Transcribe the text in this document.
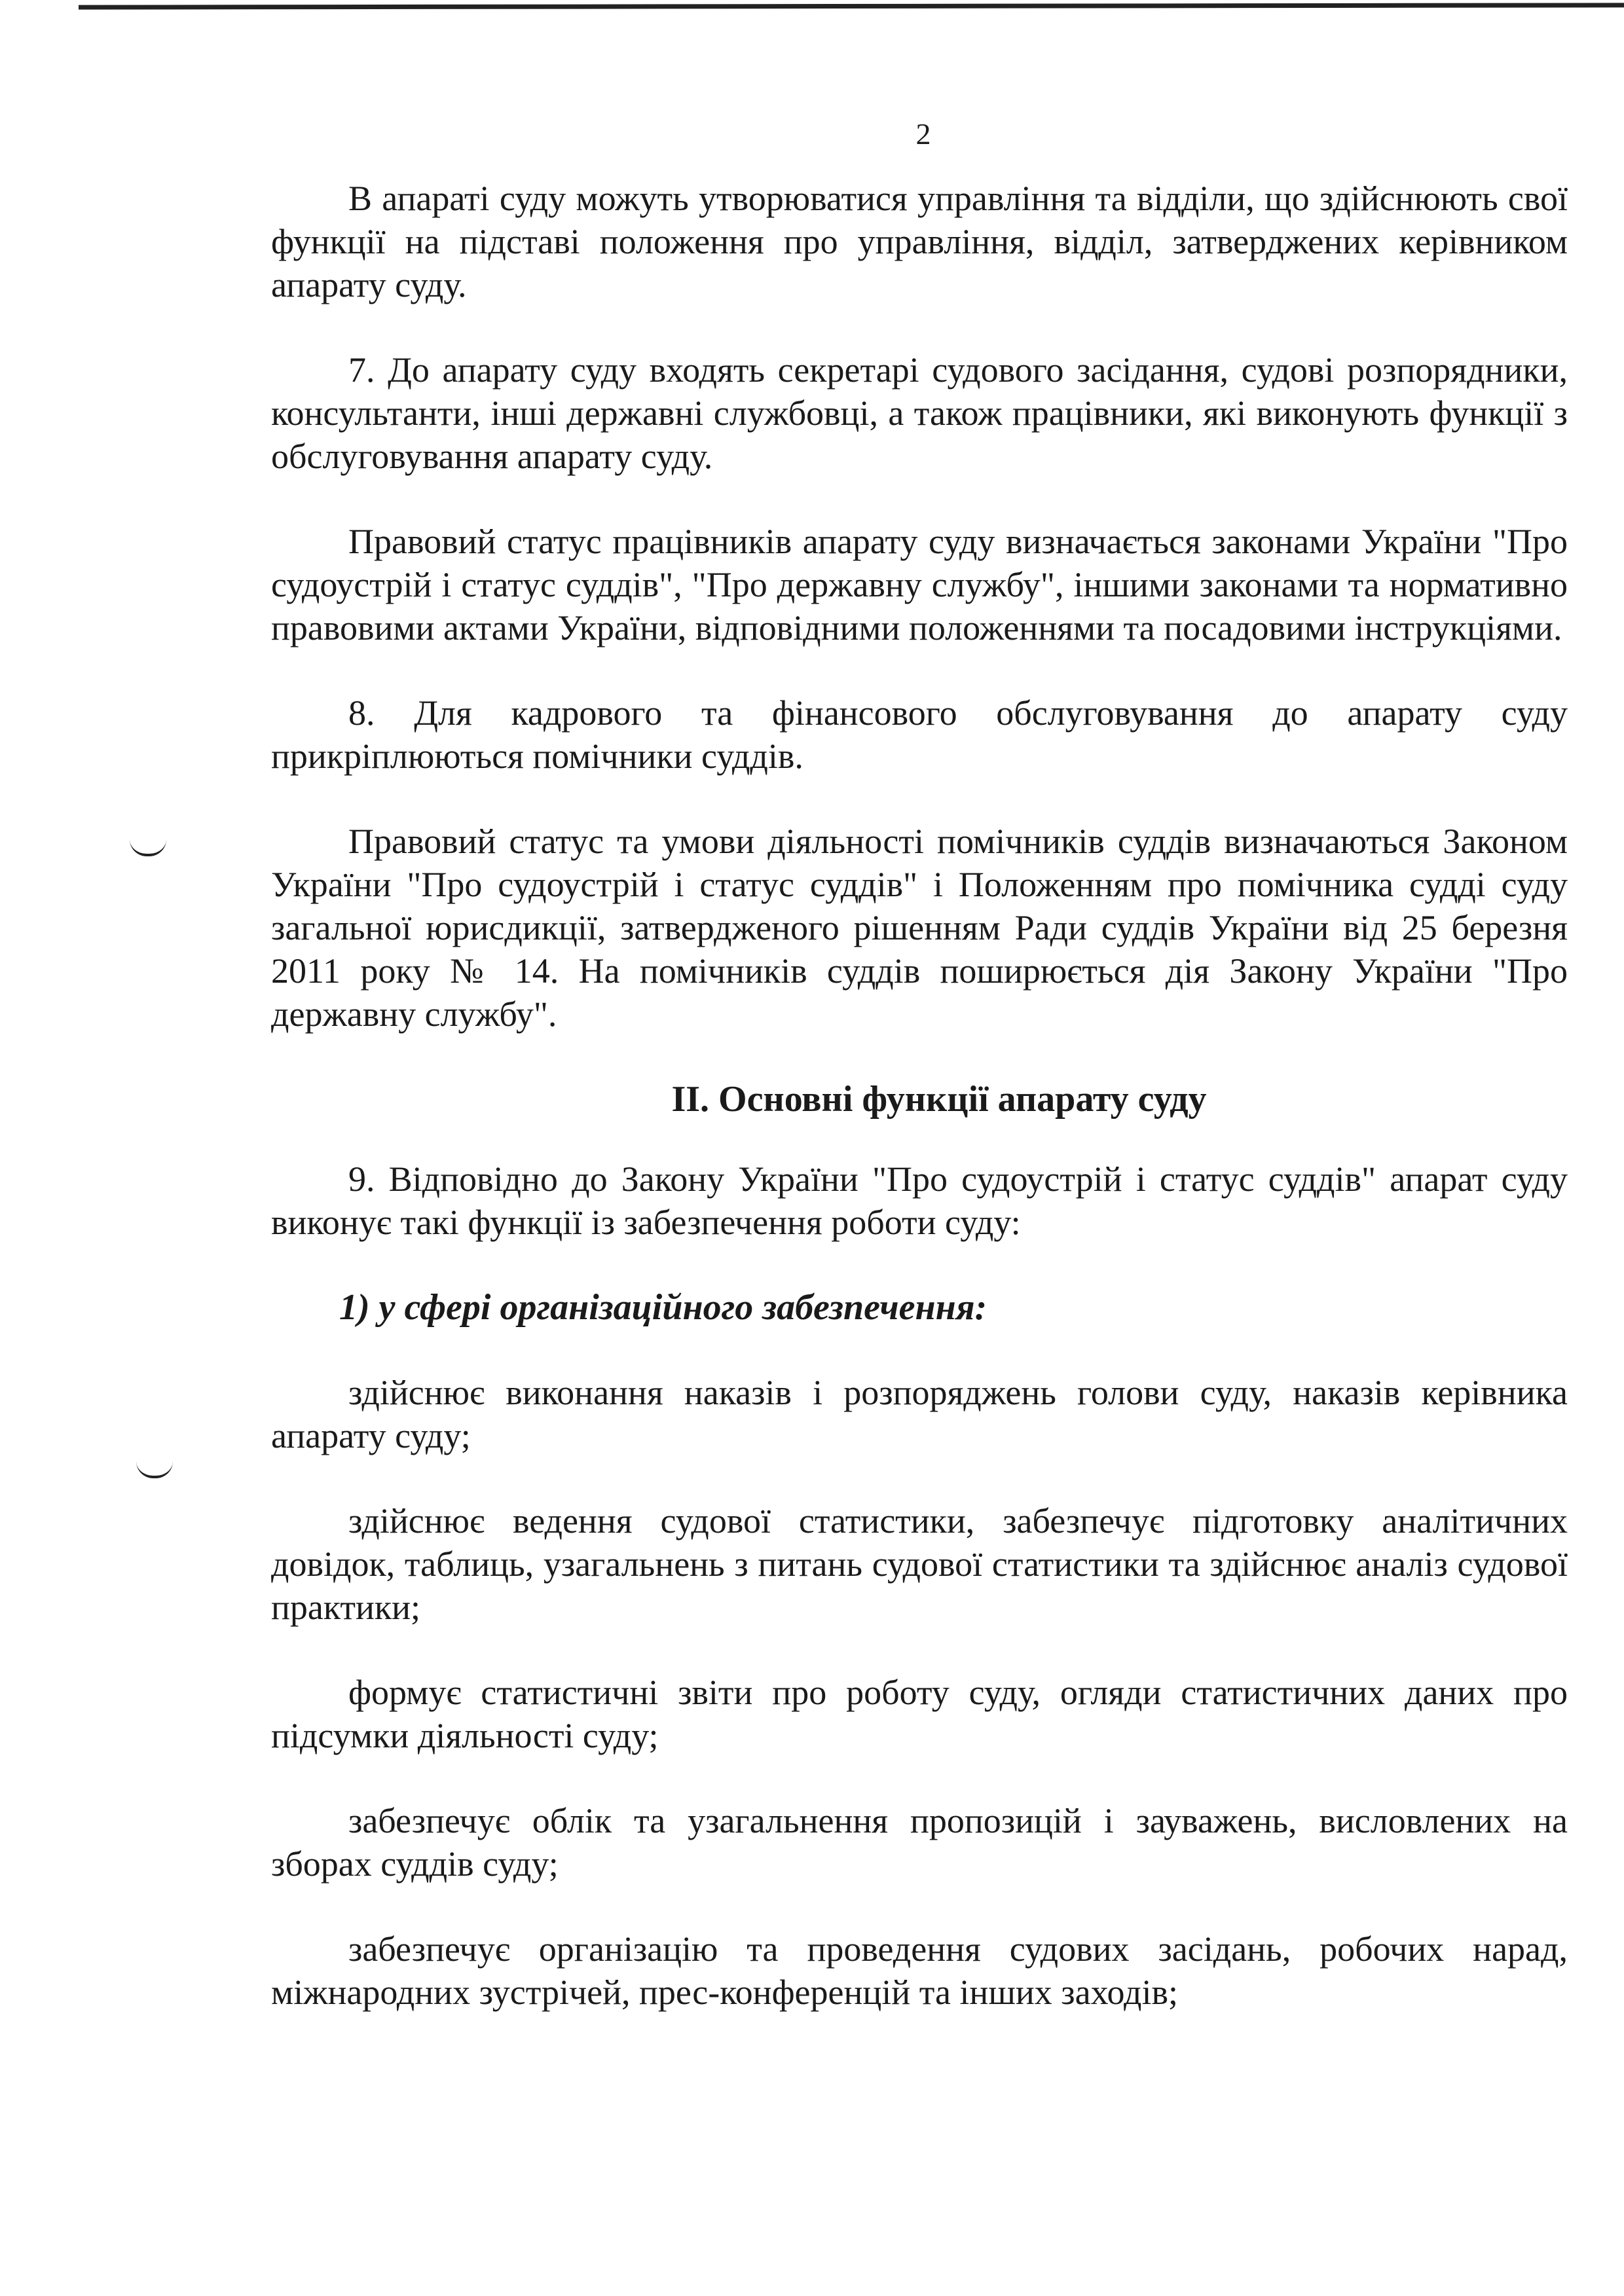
2

В апараті суду можуть утворюватися управління та відділи, що здійснюють свої функції на підставі положення про управління, відділ, затверджених керівником апарату суду.

7. До апарату суду входять секретарі судового засідання, судові розпорядники, консультанти, інші державні службовці, а також працівники, які виконують функції з обслуговування апарату суду.

Правовий статус працівників апарату суду визначається законами України "Про судоустрій і статус суддів", "Про державну службу", іншими законами та нормативно правовими актами України, відповідними положеннями та посадовими інструкціями.

8. Для кадрового та фінансового обслуговування до апарату суду прикріплюються помічники суддів.

Правовий статус та умови діяльності помічників суддів визначаються Законом України "Про судоустрій і статус суддів" і Положенням про помічника судді суду загальної юрисдикції, затвердженого рішенням Ради суддів України від 25 березня 2011 року № 14. На помічників суддів поширюється дія Закону України "Про державну службу".

ІІ. Основні функції апарату суду

9. Відповідно до Закону України "Про судоустрій і статус суддів" апарат суду виконує такі функції із забезпечення роботи суду:

1) у сфері організаційного забезпечення:

здійснює виконання наказів і розпоряджень голови суду, наказів керівника апарату суду;

здійснює ведення судової статистики, забезпечує підготовку аналітичних довідок, таблиць, узагальнень з питань судової статистики та здійснює аналіз судової практики;

формує статистичні звіти про роботу суду, огляди статистичних даних про підсумки діяльності суду;

забезпечує облік та узагальнення пропозицій і зауважень, висловлених на зборах суддів суду;

забезпечує організацію та проведення судових засідань, робочих нарад, міжнародних зустрічей, прес-конференцій та інших заходів;
